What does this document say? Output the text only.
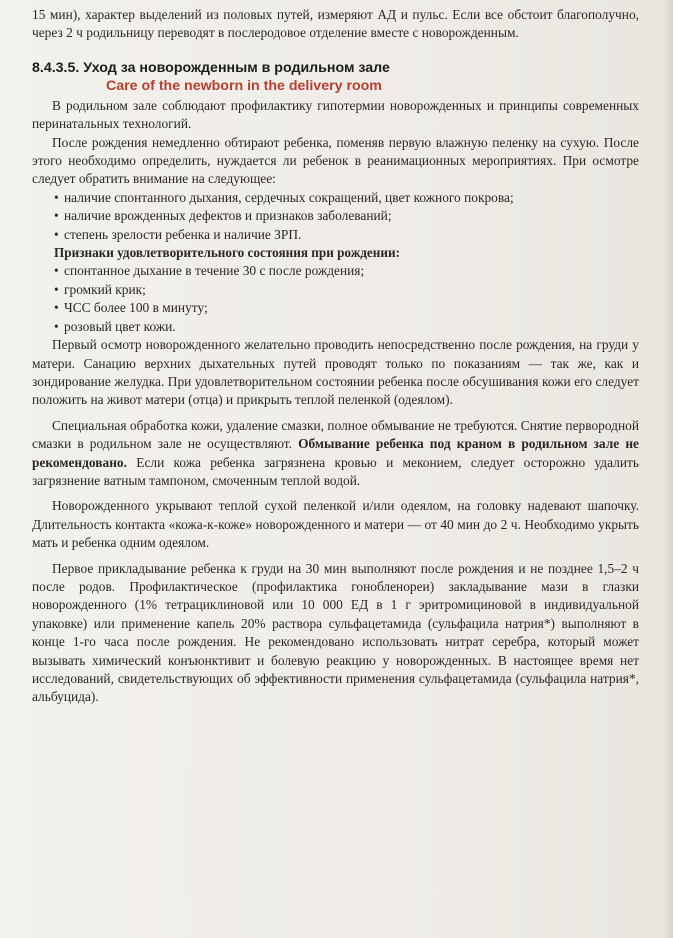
15 мин), характер выделений из половых путей, измеряют АД и пульс. Если все обстоит благополучно, через 2 ч родильницу переводят в послеродовое отделение вместе с новорожденным.

8.4.3.5. Уход за новорожденным в родильном зале
Care of the newborn in the delivery room

В родильном зале соблюдают профилактику гипотермии новорожденных и принципы современных перинатальных технологий.

После рождения немедленно обтирают ребенка, поменяв первую влажную пеленку на сухую. После этого необходимо определить, нуждается ли ребенок в реанимационных мероприятиях. При осмотре следует обратить внимание на следующее:

• наличие спонтанного дыхания, сердечных сокращений, цвет кожного покрова;
• наличие врожденных дефектов и признаков заболеваний;
• степень зрелости ребенка и наличие ЗРП.
Признаки удовлетворительного состояния при рождении:
• спонтанное дыхание в течение 30 с после рождения;
• громкий крик;
• ЧСС более 100 в минуту;
• розовый цвет кожи.

Первый осмотр новорожденного желательно проводить непосредственно после рождения, на груди у матери. Санацию верхних дыхательных путей проводят только по показаниям — так же, как и зондирование желудка. При удовлетворительном состоянии ребенка после обсушивания кожи его следует положить на живот матери (отца) и прикрыть теплой пеленкой (одеялом).

Специальная обработка кожи, удаление смазки, полное обмывание не требуются. Снятие первородной смазки в родильном зале не осуществляют. Обмывание ребенка под краном в родильном зале не рекомендовано. Если кожа ребенка загрязнена кровью и меконием, следует осторожно удалить загрязнение ватным тампоном, смоченным теплой водой.

Новорожденного укрывают теплой сухой пеленкой и/или одеялом, на головку надевают шапочку. Длительность контакта «кожа-к-коже» новорожденного и матери — от 40 мин до 2 ч. Необходимо укрыть мать и ребенка одним одеялом.

Первое прикладывание ребенка к груди на 30 мин выполняют после рождения и не позднее 1,5–2 ч после родов. Профилактическое (профилактика гонобленореи) закладывание мази в глазки новорожденного (1% тетрациклиновой или 10 000 ЕД в 1 г эритромициновой в индивидуальной упаковке) или применение капель 20% раствора сульфацетамида (сульфацила натрия*) выполняют в конце 1-го часа после рождения. Не рекомендовано использовать нитрат серебра, который может вызывать химический конъюнктивит и болевую реакцию у новорожденных. В настоящее время нет исследований, свидетельствующих об эффективности применения сульфацетамида (сульфацила натрия*, альбуцида).
